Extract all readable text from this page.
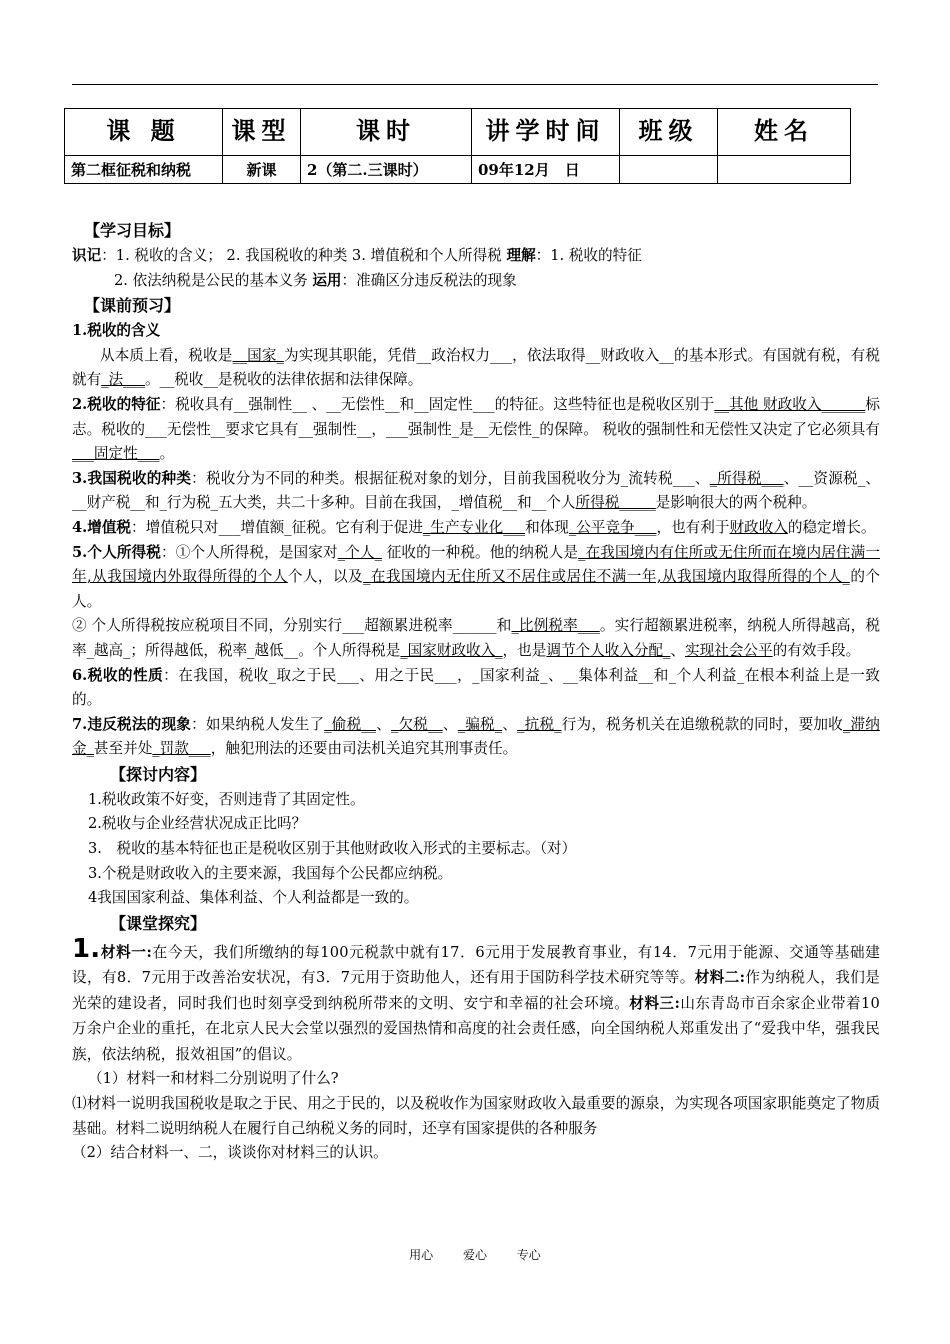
课 题	课型	课时	讲学时间	班级	姓名
第二框征税和纳税	新课	2（第二.三课时）	09年12月　日		

【学习目标】

识记：1. 税收的含义； 2. 我国税收的种类 3. 增值税和个人所得税 理解：1. 税收的特征

2. 依法纳税是公民的基本义务 运用：准确区分违反税法的现象

【课前预习】

1.税收的含义

从本质上看，税收是__国家_为实现其职能，凭借__政治权力___，依法取得__财政收入__的基本形式。有国就有税，有税就有_法___。__税收__是税收的法律依据和法律保障。

2.税收的特征：税收具有__强制性__ 、__无偿性__和__固定性___的特征。这些特征也是税收区别于__其他 财政收入______标志。税收的___无偿性__要求它具有__强制性__，___强制性_是__无偿性_的保障。 税收的强制性和无偿性又决定了它必须具有___固定性___。

3.我国税收的种类：税收分为不同的种类。根据征税对象的划分，目前我国税收分为_流转税___、_所得税___、__资源税_、__财产税__和_行为税_五大类，共二十多种。目前在我国，_增值税__和__个人所得税_____是影响很大的两个税种。

4.增值税：增值税只对___增值额_征税。它有利于促进_生产专业化___和体现_公平竞争___，也有利于财政收入的稳定增长。

5.个人所得税：①个人所得税，是国家对_个人_ 征收的一种税。他的纳税人是_在我国境内有住所或无住所而在境内居住满一年,从我国境内外取得所得的个人个人，以及_在我国境内无住所又不居住或居住不满一年,从我国境内取得所得的个人_的个人。

② 个人所得税按应税项目不同，分别实行___超额累进税率______和_比例税率___。实行超额累进税率，纳税人所得越高，税率_越高_；所得越低，税率_越低__。个人所得税是_国家财政收入_，也是调节个人收入分配_、实现社会公平的有效手段。

6.税收的性质：在我国，税收_取之于民___、用之于民___，_国家利益_、__集体利益__和_个人利益_在根本利益上是一致的。

7.违反税法的现象：如果纳税人发生了_偷税__、_欠税__、_骗税_、_抗税_行为，税务机关在追缴税款的同时，要加收_滞纳金_甚至并处_罚款___，触犯刑法的还要由司法机关追究其刑事责任。

【探讨内容】

1.税收政策不好变，否则违背了其固定性。

2.税收与企业经营状况成正比吗？

3.　税收的基本特征也正是税收区别于其他财政收入形式的主要标志。（对）

3.个税是财政收入的主要来源，我国每个公民都应纳税。

4我国国家利益、集体利益、个人利益都是一致的。

【课堂探究】

1.材料一:在今天，我们所缴纳的每100元税款中就有17．6元用于发展教育事业，有14．7元用于能源、交通等基础建设，有8．7元用于改善治安状况，有3．7元用于资助他人，还有用于国防科学技术研究等等。材料二:作为纳税人，我们是光荣的建设者，同时我们也时刻享受到纳税所带来的文明、安宁和幸福的社会环境。材料三:山东青岛市百余家企业带着10万余户企业的重托，在北京人民大会堂以强烈的爱国热情和高度的社会责任感，向全国纳税人郑重发出了“爱我中华，强我民族，依法纳税，报效祖国”的倡议。

（1）材料一和材料二分别说明了什么?

⑴材料一说明我国税收是取之于民、用之于民的，以及税收作为国家财政收入最重要的源泉，为实现各项国家职能奠定了物质基础。材料二说明纳税人在履行自己纳税义务的同时，还享有国家提供的各种服务

（2）结合材料一、二，谈谈你对材料三的认识。

用心 爱心 专心
